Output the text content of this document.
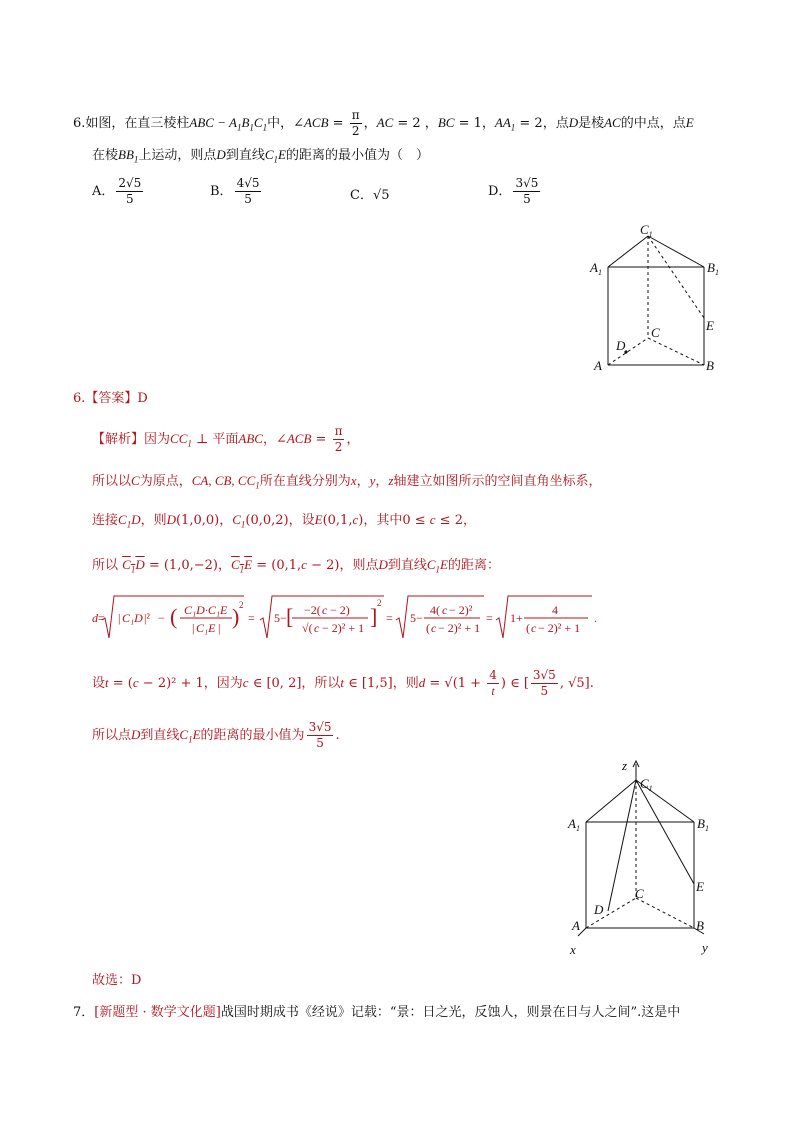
6.如图，在直三棱柱ABC − $A_1B_1C_1$中，∠ACB = $\frac{\pi}{2}$ ，AC = 2 ，BC = 1，$AA_1 = 2$，点D是棱AC的中点，点E
在棱$BB_1$上运动，则点D到直线$C_1E$的距离的最小值为（　）
A． $\frac{2√5}{5}$	B． $\frac{4√5}{5}$	C．√5	D． $\frac{3√5}{5}$
$C_1$
$A_1$	$B_1$
E
C
D
A	B
6.【答案】D
【解析】因为$CC_1$ ⊥ 平面ABC，∠ACB = $\frac{\pi}{2}$ ，
所以以C为原点，CA, CB, $CC_1$所在直线分别为x，y，z轴建立如图所示的空间直角坐标系，
连接$C_1D$，则D(1,0,0)，$C_1(0,0,2)$，设E(0,1,c)，其中0 ≤ c ≤ 2，
所以 $C_1D = (1,0,-2)$，$C_1E = (0,1,c - 2)$，则点D到直线$C_1E$的距离：
d = | C₁D |² − ( C₁D·C₁E
| C₁E | ) 2
= 5− [ −2( c − 2)
√( c − 2)² + 1 ]
2
= 5−
4( c − 2)²
( c − 2)² + 1
= 1+
4
( c − 2)² + 1
.
设t = (c − 2)² + 1，因为c ∈ [0, 2]，所以t ∈ [1,5]，则$d = √(1 + \frac{4}{t}$ ) ∈ [ $\frac{3√5}{5}$ , √5].
所以点D到直线$C_1E$的距离的最小值为 $\frac{3√5}{5}$ .
z
$C_1$
$A_1$	$B_1$
E
C
D
A	B
x	y
故选：D
7．[新题型 · 数学文化题]战国时期成书《经说》记载：“景：日之光，反蚀人，则景在日与人之间”.这是中
